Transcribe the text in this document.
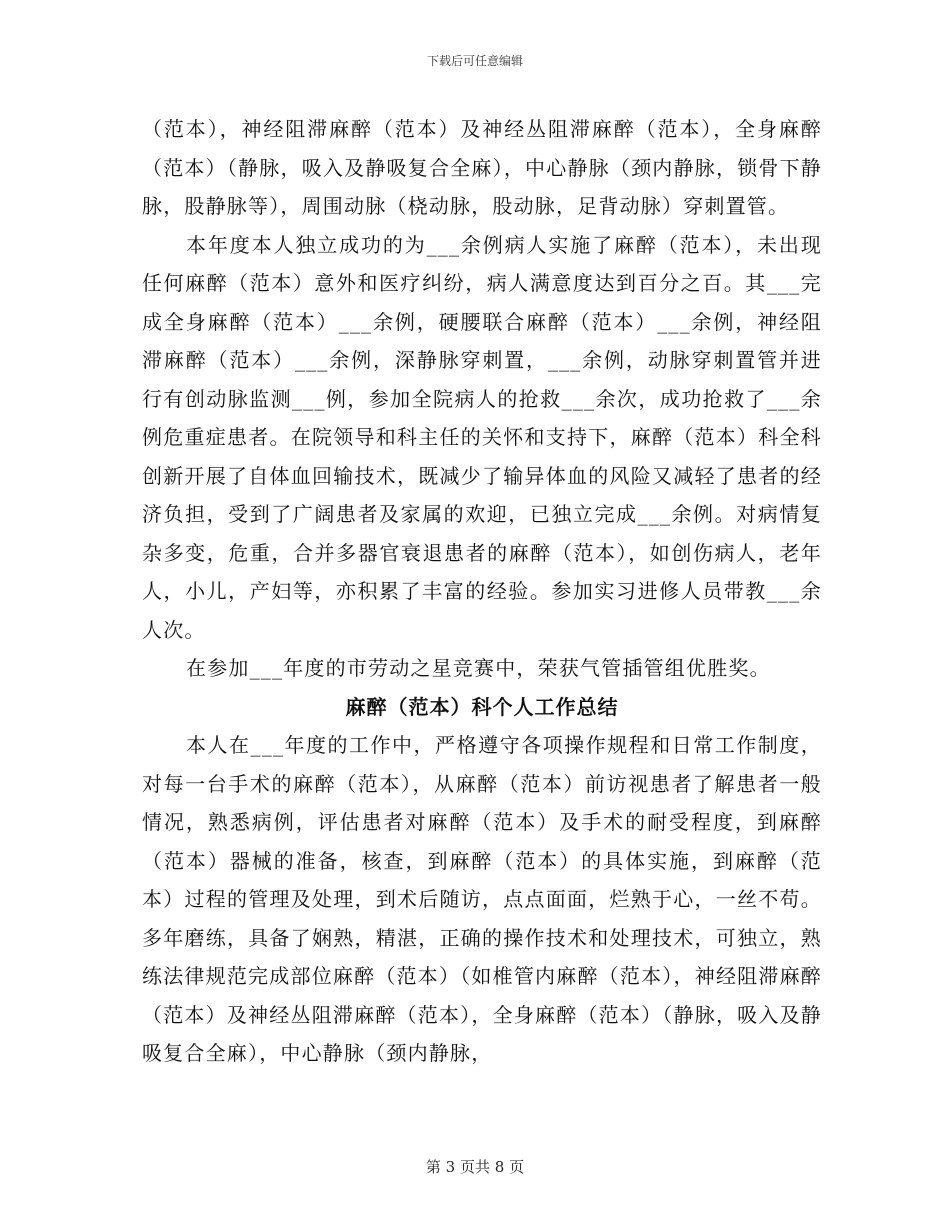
下载后可任意编辑

（范本），神经阻滞麻醉（范本）及神经丛阻滞麻醉（范本），全身麻醉（范本）（静脉，吸入及静吸复合全麻），中心静脉（颈内静脉，锁骨下静脉，股静脉等），周围动脉（桡动脉，股动脉，足背动脉）穿刺置管。

本年度本人独立成功的为___余例病人实施了麻醉（范本），未出现任何麻醉（范本）意外和医疗纠纷，病人满意度达到百分之百。其___完成全身麻醉（范本）___余例，硬腰联合麻醉（范本）___余例，神经阻滞麻醉（范本）___余例，深静脉穿刺置，___余例，动脉穿刺置管并进行有创动脉监测___例，参加全院病人的抢救___余次，成功抢救了___余例危重症患者。在院领导和科主任的关怀和支持下，麻醉（范本）科全科创新开展了自体血回输技术，既减少了输异体血的风险又减轻了患者的经济负担，受到了广阔患者及家属的欢迎，已独立完成___余例。对病情复杂多变，危重，合并多器官衰退患者的麻醉（范本），如创伤病人，老年人，小儿，产妇等，亦积累了丰富的经验。参加实习进修人员带教___余人次。

在参加___年度的市劳动之星竞赛中，荣获气管插管组优胜奖。

麻醉（范本）科个人工作总结

本人在___年度的工作中，严格遵守各项操作规程和日常工作制度，对每一台手术的麻醉（范本），从麻醉（范本）前访视患者了解患者一般情况，熟悉病例，评估患者对麻醉（范本）及手术的耐受程度，到麻醉（范本）器械的准备，核查，到麻醉（范本）的具体实施，到麻醉（范本）过程的管理及处理，到术后随访，点点面面，烂熟于心，一丝不苟。多年磨练，具备了娴熟，精湛，正确的操作技术和处理技术，可独立，熟练法律规范完成部位麻醉（范本）（如椎管内麻醉（范本），神经阻滞麻醉（范本）及神经丛阻滞麻醉（范本），全身麻醉（范本）（静脉，吸入及静吸复合全麻），中心静脉（颈内静脉，

第 3 页共 8 页
